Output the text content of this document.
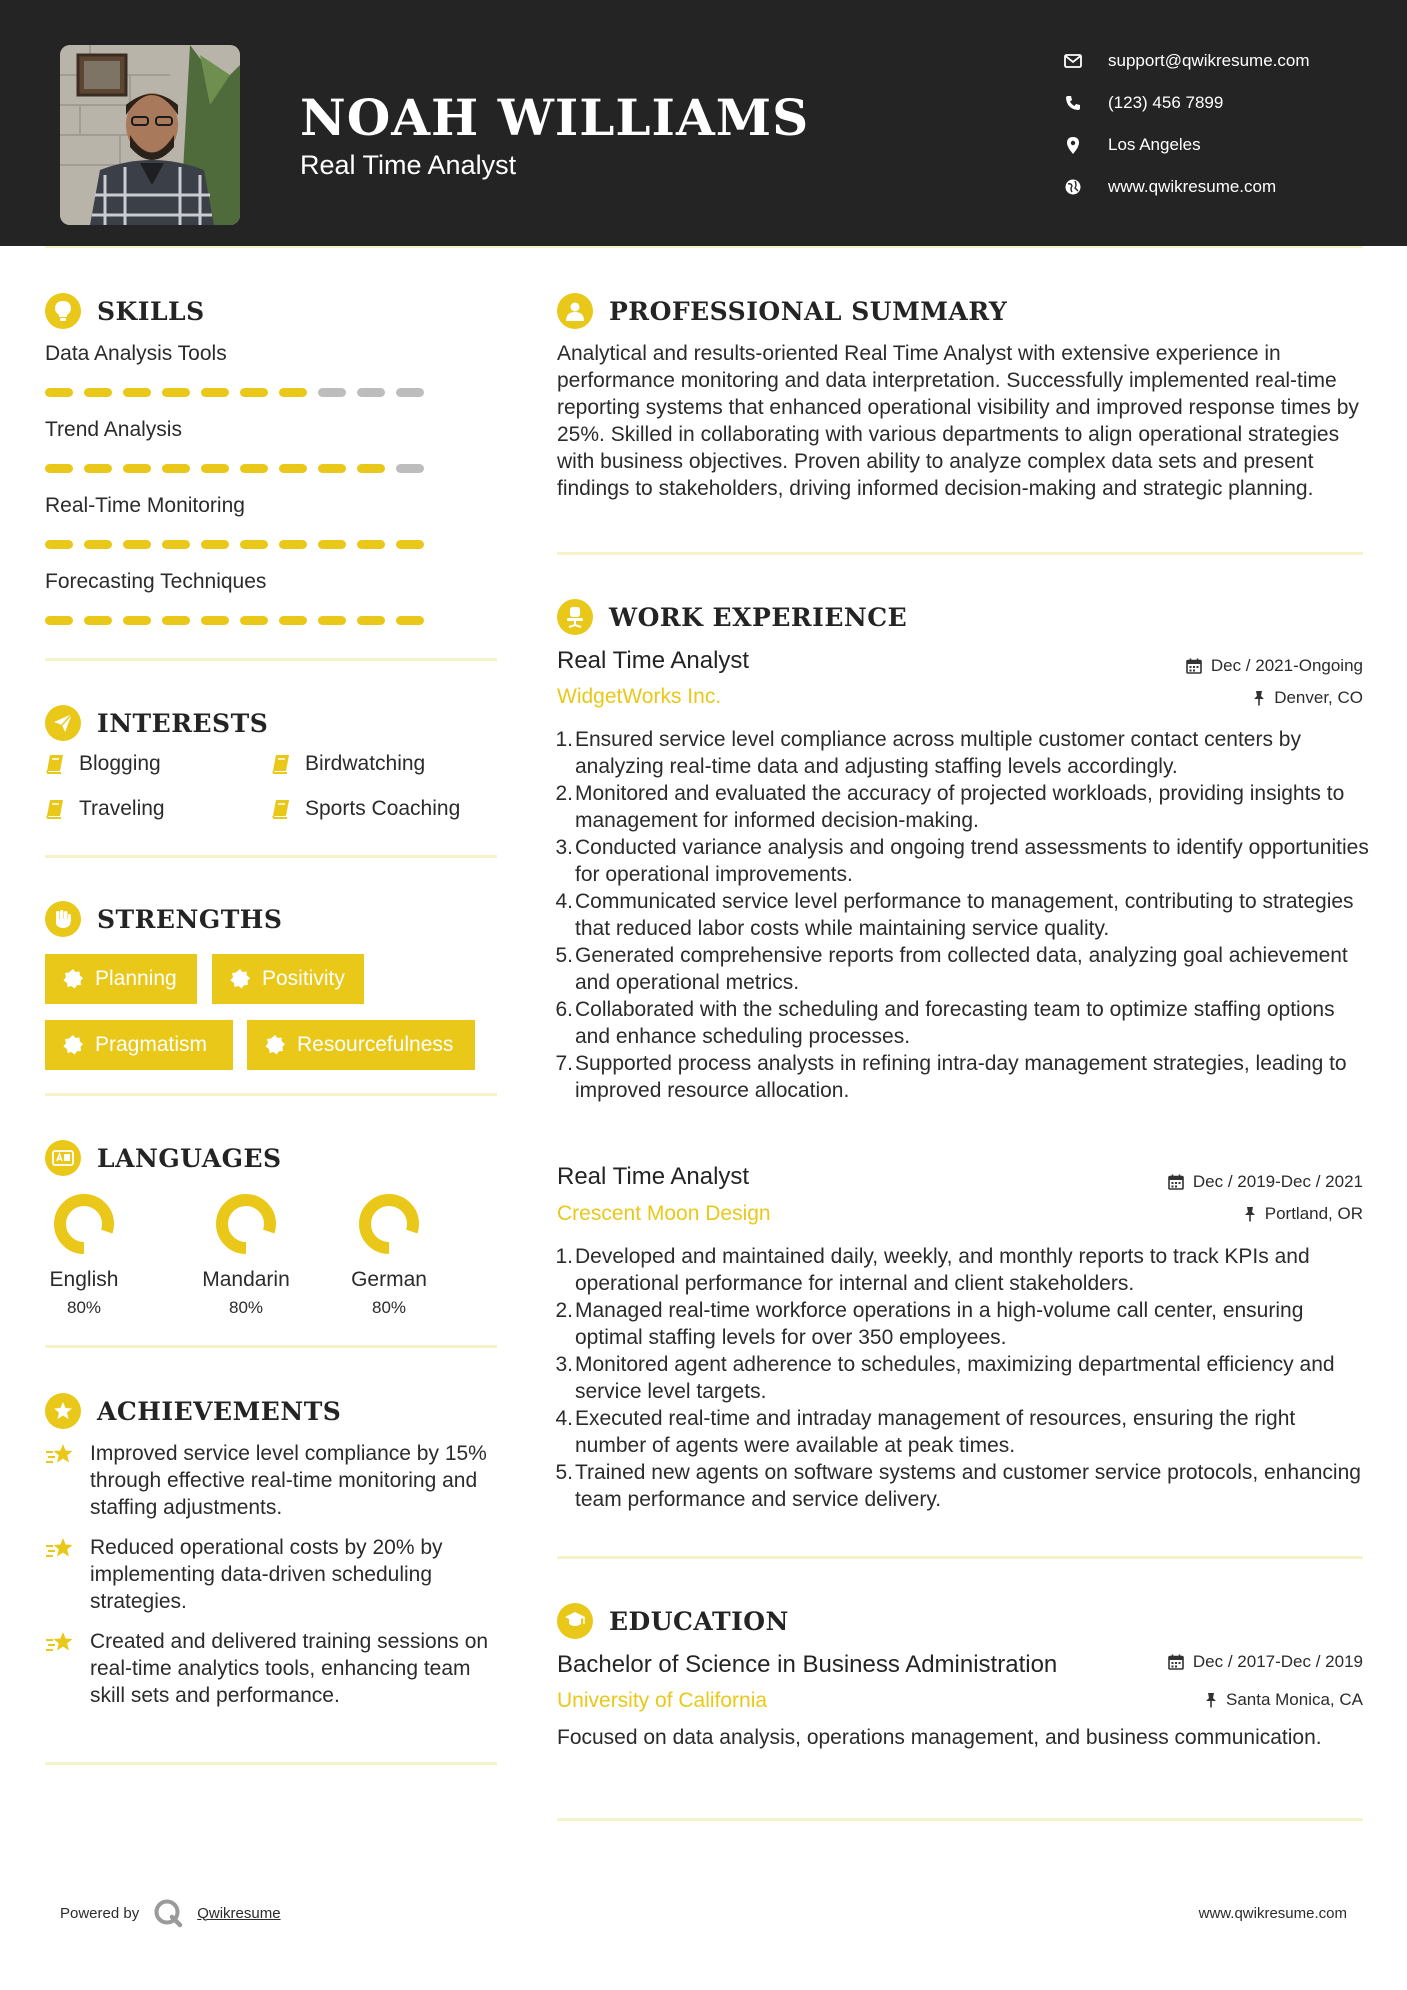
NOAH WILLIAMS
Real Time Analyst
support@qwikresume.com
(123) 456 7899
Los Angeles
www.qwikresume.com
SKILLS
Data Analysis Tools
Trend Analysis
Real-Time Monitoring
Forecasting Techniques
INTERESTS
Blogging	Birdwatching
Traveling	Sports Coaching
STRENGTHS
Planning	Positivity
Pragmatism	Resourcefulness
LANGUAGES
English
80%
Mandarin
80%
German
80%
ACHIEVEMENTS
Improved service level compliance by 15% through effective real-time monitoring and staffing adjustments.
Reduced operational costs by 20% by implementing data-driven scheduling strategies.
Created and delivered training sessions on real-time analytics tools, enhancing team skill sets and performance.
PROFESSIONAL SUMMARY
Analytical and results-oriented Real Time Analyst with extensive experience in performance monitoring and data interpretation. Successfully implemented real-time reporting systems that enhanced operational visibility and improved response times by 25%. Skilled in collaborating with various departments to align operational strategies with business objectives. Proven ability to analyze complex data sets and present findings to stakeholders, driving informed decision-making and strategic planning.
WORK EXPERIENCE
Real Time Analyst	Dec / 2021-Ongoing
WidgetWorks Inc.	Denver, CO
1. Ensured service level compliance across multiple customer contact centers by analyzing real-time data and adjusting staffing levels accordingly.
2. Monitored and evaluated the accuracy of projected workloads, providing insights to management for informed decision-making.
3. Conducted variance analysis and ongoing trend assessments to identify opportunities for operational improvements.
4. Communicated service level performance to management, contributing to strategies that reduced labor costs while maintaining service quality.
5. Generated comprehensive reports from collected data, analyzing goal achievement and operational metrics.
6. Collaborated with the scheduling and forecasting team to optimize staffing options and enhance scheduling processes.
7. Supported process analysts in refining intra-day management strategies, leading to improved resource allocation.
Real Time Analyst	Dec / 2019-Dec / 2021
Crescent Moon Design	Portland, OR
1. Developed and maintained daily, weekly, and monthly reports to track KPIs and operational performance for internal and client stakeholders.
2. Managed real-time workforce operations in a high-volume call center, ensuring optimal staffing levels for over 350 employees.
3. Monitored agent adherence to schedules, maximizing departmental efficiency and service level targets.
4. Executed real-time and intraday management of resources, ensuring the right number of agents were available at peak times.
5. Trained new agents on software systems and customer service protocols, enhancing team performance and service delivery.
EDUCATION
Bachelor of Science in Business Administration	Dec / 2017-Dec / 2019
University of California	Santa Monica, CA
Focused on data analysis, operations management, and business communication.
Powered by	Qwikresume	www.qwikresume.com
